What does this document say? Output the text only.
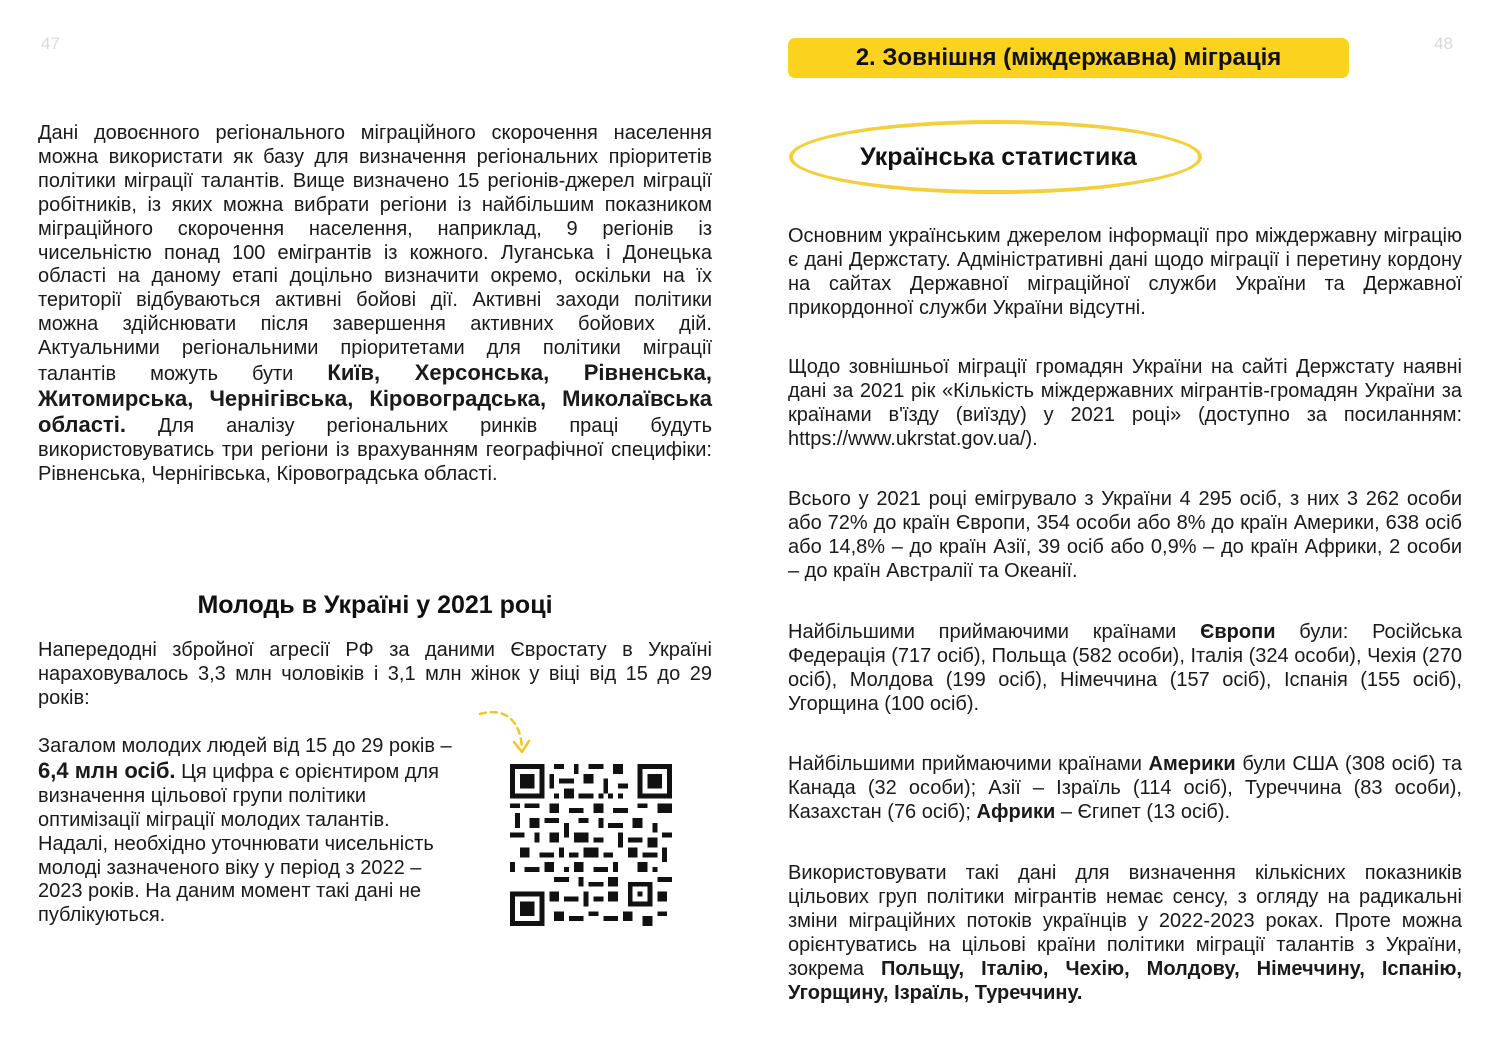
47	48
Дані довоєнного регіонального міграційного скорочення населення можна використати як базу для визначення регіональних пріоритетів політики міграції талантів. Вище визначено 15 регіонів-джерел міграції робітників, із яких можна вибрати регіони із найбільшим показником міграційного скорочення населення, наприклад, 9 регіонів із чисельністю понад 100 емігрантів із кожного. Луганська і Донецька області на даному етапі доцільно визначити окремо, оскільки на їх території відбуваються активні бойові дії. Активні заходи політики можна здійснювати після завершення активних бойових дій. Актуальними регіональними пріоритетами для політики міграції талантів можуть бути Київ, Херсонська, Рівненська, Житомирська, Чернігівська, Кіровоградська, Миколаївська області. Для аналізу регіональних ринків праці будуть використовуватись три регіони із врахуванням географічної специфіки: Рівненська, Чернігівська, Кіровоградська області.
Молодь в Україні у 2021 році
Напередодні збройної агресії РФ за даними Євростату в Україні нараховувалось 3,3 млн чоловіків і 3,1 млн жінок у віці від 15 до 29 років:
Загалом молодих людей від 15 до 29 років – 6,4 млн осіб. Ця цифра є орієнтиром для визначення цільової групи політики оптимізації міграції молодих талантів. Надалі, необхідно уточнювати чисельність молоді зазначеного віку у період з 2022 – 2023 років. На даним момент такі дані не публікуються.
2. Зовнішня (міждержавна) міграція
Українська статистика
Основним українським джерелом інформації про міждержавну міграцію є дані Держстату. Адміністративні дані щодо міграції і перетину кордону на сайтах Державної міграційної служби України та Державної прикордонної служби України відсутні.
Щодо зовнішньої міграції громадян України на сайті Держстату наявні дані за 2021 рік «Кількість міждержавних мігрантів-громадян України за країнами в'їзду (виїзду) у 2021 році» (доступно за посиланням: https://www.ukrstat.gov.ua/).
Всього у 2021 році емігрувало з України 4 295 осіб, з них 3 262 особи або 72% до країн Європи, 354 особи або 8% до країн Америки, 638 осіб або 14,8% – до країн Азії, 39 осіб або 0,9% – до країн Африки, 2 особи – до країн Австралії та Океанії.
Найбільшими приймаючими країнами Європи були: Російська Федерація (717 осіб), Польща (582 особи), Італія (324 особи), Чехія (270 осіб), Молдова (199 осіб), Німеччина (157 осіб), Іспанія (155 осіб), Угорщина (100 осіб).
Найбільшими приймаючими країнами Америки були США (308 осіб) та Канада (32 особи); Азії – Ізраїль (114 осіб), Туреччина (83 особи), Казахстан (76 осіб); Африки – Єгипет (13 осіб).
Використовувати такі дані для визначення кількісних показників цільових груп політики мігрантів немає сенсу, з огляду на радикальні зміни міграційних потоків українців у 2022-2023 роках. Проте можна орієнтуватись на цільові країни політики міграції талантів з України, зокрема Польщу, Італію, Чехію, Молдову, Німеччину, Іспанію, Угорщину, Ізраїль, Туреччину.
